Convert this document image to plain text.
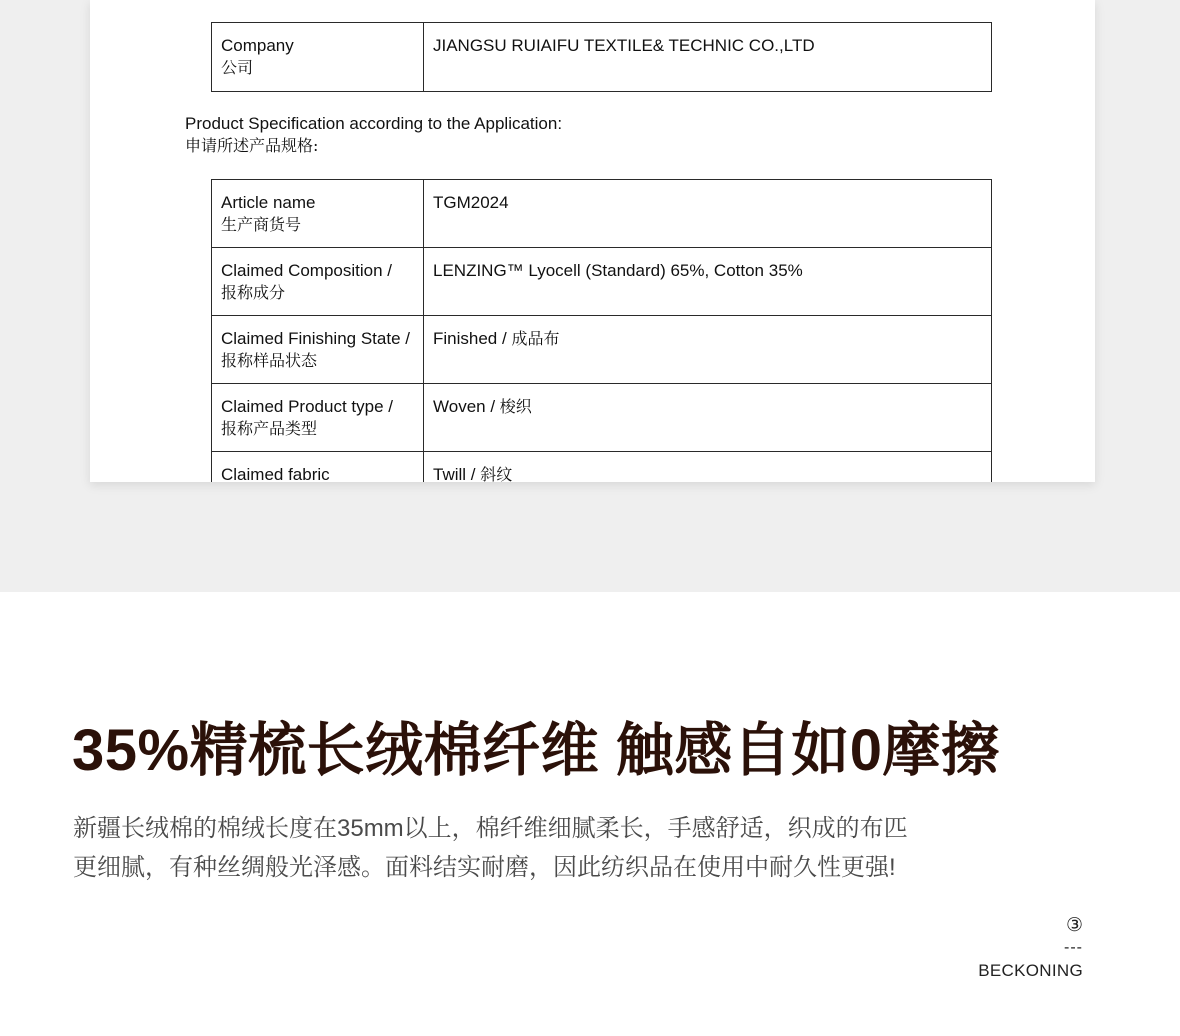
Company
公司
	JIANGSU RUIAIFU TEXTILE& TECHNIC CO.,LTD
Product Specification according to the Application:
申请所述产品规格:
Article name
生产商货号	TGM2024

Claimed Composition /
报称成分	LENZING™ Lyocell (Standard) 65%, Cotton 35%
Claimed Finishing State / 报称样品状态	Finished / 成品布

Claimed Product type /
报称产品类型	Woven / 梭织

Claimed fabric	Twill / 斜纹
35%精梳长绒棉纤维 触感自如0摩擦
新疆长绒棉的棉绒长度在35mm以上，棉纤维细腻柔长，手感舒适，织成的布匹
更细腻，有种丝绸般光泽感。面料结实耐磨，因此纺织品在使用中耐久性更强!
③
---
BECKONING
